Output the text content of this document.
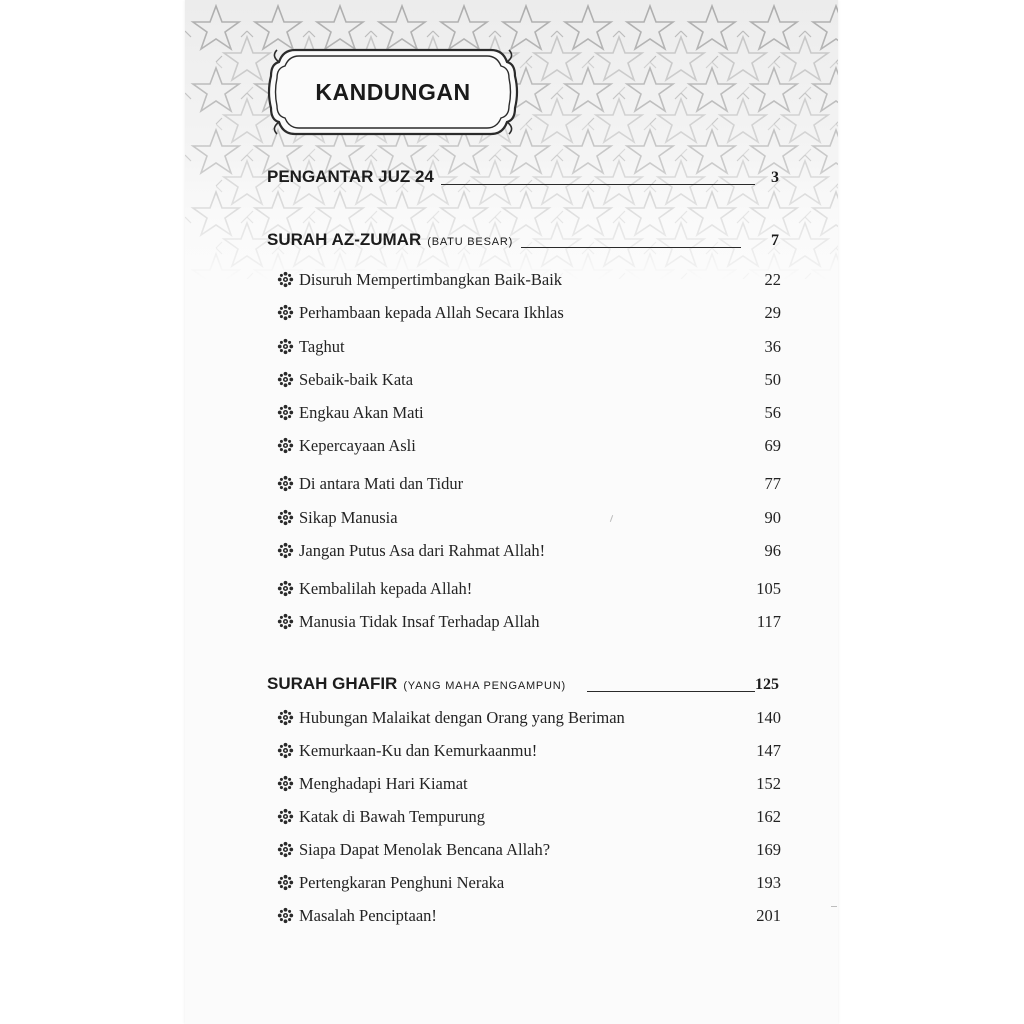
KANDUNGAN
PENGANTAR JUZ 24	3
SURAH AZ-ZUMAR (BATU BESAR)	7
Disuruh Mempertimbangkan Baik-Baik	22
Perhambaan kepada Allah Secara Ikhlas	29
Taghut	36
Sebaik-baik Kata	50
Engkau Akan Mati	56
Kepercayaan Asli	69
Di antara Mati dan Tidur	77
Sikap Manusia	90
Jangan Putus Asa dari Rahmat Allah!	96
Kembalilah kepada Allah!	105
Manusia Tidak Insaf Terhadap Allah	117
SURAH GHAFIR (YANG MAHA PENGAMPUN)	125
Hubungan Malaikat dengan Orang yang Beriman	140
Kemurkaan-Ku dan Kemurkaanmu!	147
Menghadapi Hari Kiamat	152
Katak di Bawah Tempurung	162
Siapa Dapat Menolak Bencana Allah?	169
Pertengkaran Penghuni Neraka	193
Masalah Penciptaan!	201
